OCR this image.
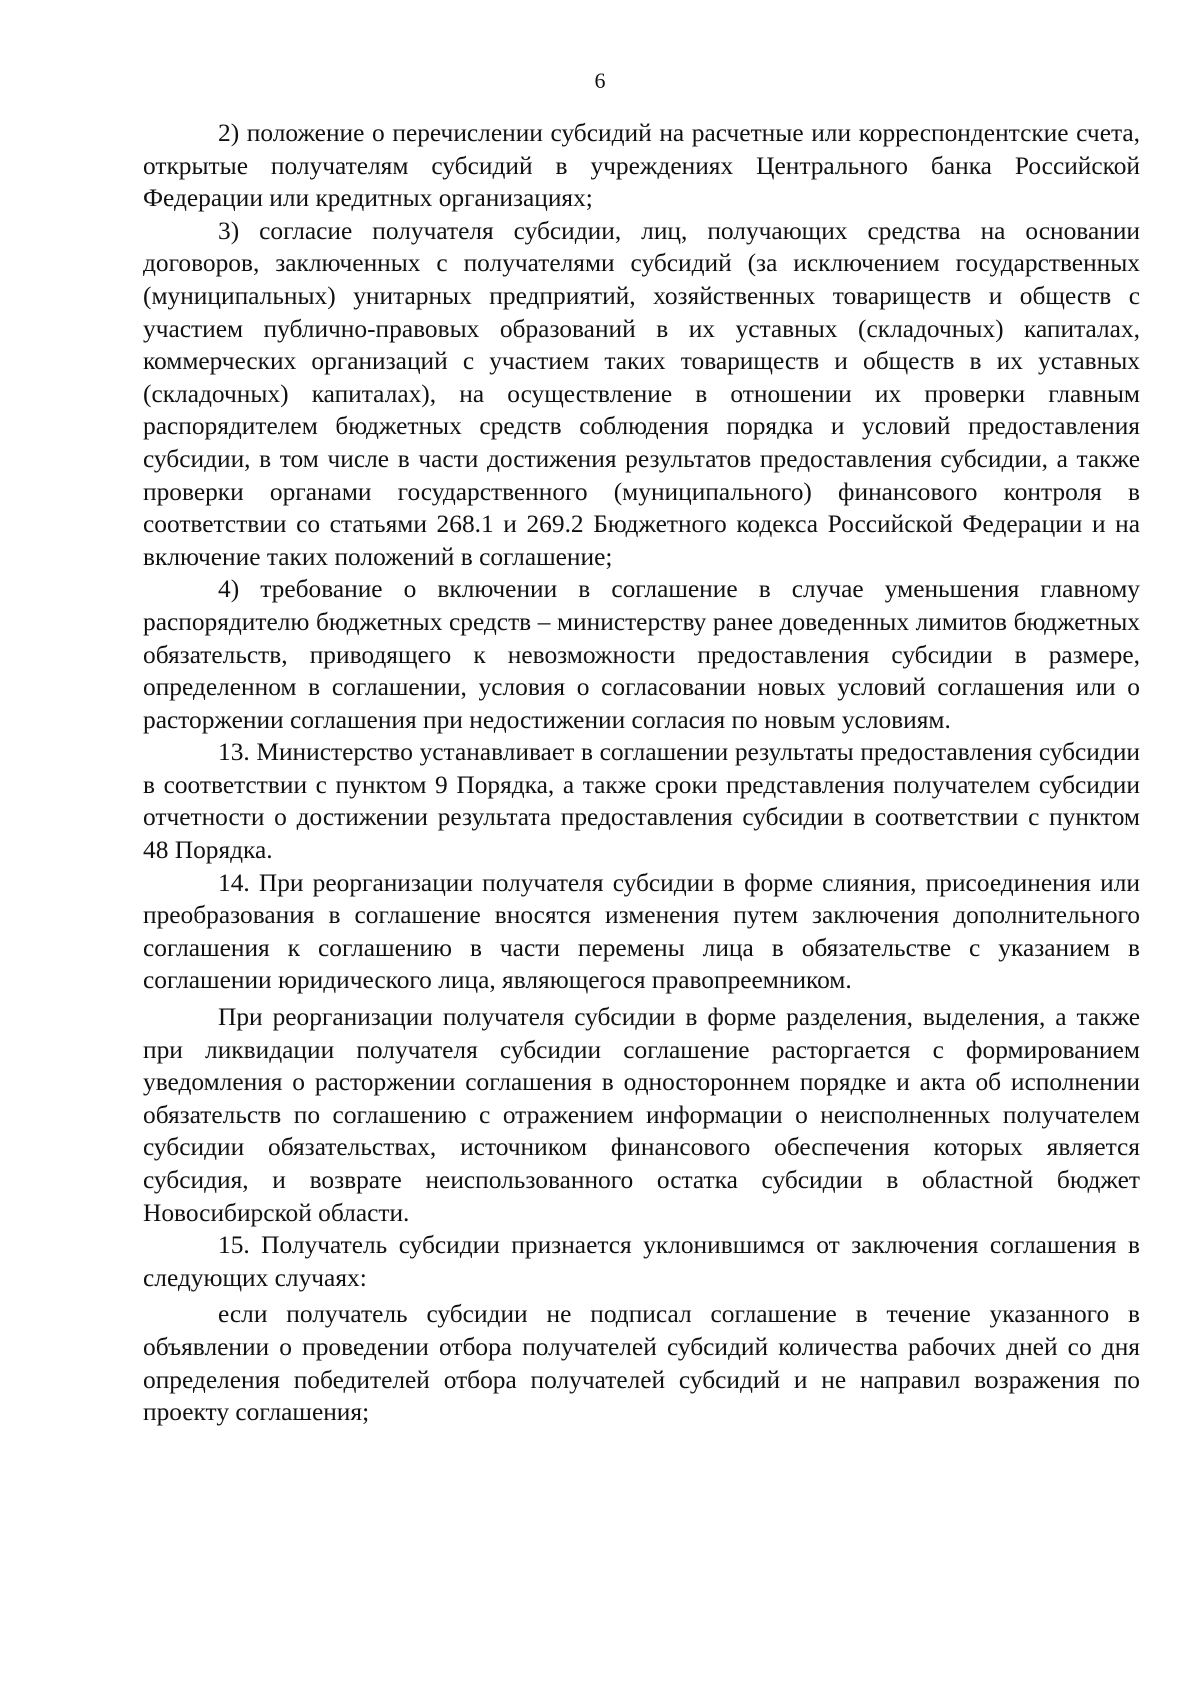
6

2) положение о перечислении субсидий на расчетные или корреспондентские счета, открытые получателям субсидий в учреждениях Центрального банка Российской Федерации или кредитных организациях;

3) согласие получателя субсидии, лиц, получающих средства на основании договоров, заключенных с получателями субсидий (за исключением государственных (муниципальных) унитарных предприятий, хозяйственных товариществ и обществ с участием публично-правовых образований в их уставных (складочных) капиталах, коммерческих организаций с участием таких товариществ и обществ в их уставных (складочных) капиталах), на осуществление в отношении их проверки главным распорядителем бюджетных средств соблюдения порядка и условий предоставления субсидии, в том числе в части достижения результатов предоставления субсидии, а также проверки органами государственного (муниципального) финансового контроля в соответствии со статьями 268.1 и 269.2 Бюджетного кодекса Российской Федерации и на включение таких положений в соглашение;

4) требование о включении в соглашение в случае уменьшения главному распорядителю бюджетных средств – министерству ранее доведенных лимитов бюджетных обязательств, приводящего к невозможности предоставления субсидии в размере, определенном в соглашении, условия о согласовании новых условий соглашения или о расторжении соглашения при недостижении согласия по новым условиям.

13. Министерство устанавливает в соглашении результаты предоставления субсидии в соответствии с пунктом 9 Порядка, а также сроки представления получателем субсидии отчетности о достижении результата предоставления субсидии в соответствии с пунктом 48 Порядка.

14. При реорганизации получателя субсидии в форме слияния, присоединения или преобразования в соглашение вносятся изменения путем заключения дополнительного соглашения к соглашению в части перемены лица в обязательстве с указанием в соглашении юридического лица, являющегося правопреемником.

При реорганизации получателя субсидии в форме разделения, выделения, а также при ликвидации получателя субсидии соглашение расторгается с формированием уведомления о расторжении соглашения в одностороннем порядке и акта об исполнении обязательств по соглашению с отражением информации о неисполненных получателем субсидии обязательствах, источником финансового обеспечения которых является субсидия, и возврате неиспользованного остатка субсидии в областной бюджет Новосибирской области.

15. Получатель субсидии признается уклонившимся от заключения соглашения в следующих случаях:

если получатель субсидии не подписал соглашение в течение указанного в объявлении о проведении отбора получателей субсидий количества рабочих дней со дня определения победителей отбора получателей субсидий и не направил возражения по проекту соглашения;
